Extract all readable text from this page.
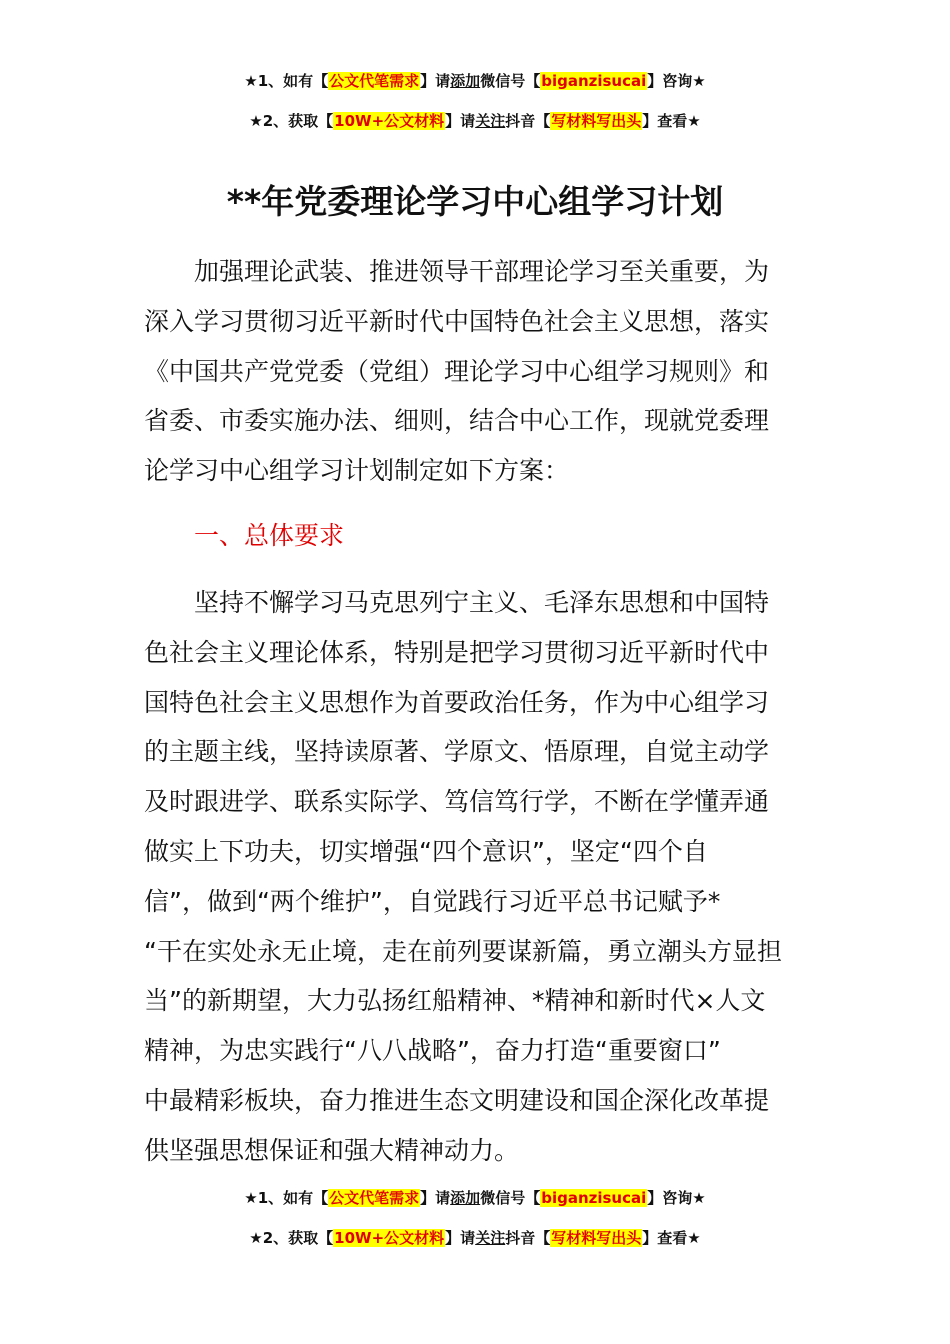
★1、如有【公文代笔需求】请添加微信号【biganzisucai】咨询★
★2、获取【10W+公文材料】请关注抖音【写材料写出头】查看★
**年党委理论学习中心组学习计划
加强理论武装、推进领导干部理论学习至关重要，为
深入学习贯彻习近平新时代中国特色社会主义思想，落实
《中国共产党党委（党组）理论学习中心组学习规则》和
省委、市委实施办法、细则，结合中心工作，现就党委理
论学习中心组学习计划制定如下方案：
一、总体要求
坚持不懈学习马克思列宁主义、毛泽东思想和中国特
色社会主义理论体系，特别是把学习贯彻习近平新时代中
国特色社会主义思想作为首要政治任务，作为中心组学习
的主题主线，坚持读原著、学原文、悟原理，自觉主动学
及时跟进学、联系实际学、笃信笃行学，不断在学懂弄通
做实上下功夫，切实增强“四个意识”，坚定“四个自
信”，做到“两个维护”，自觉践行习近平总书记赋予*
“干在实处永无止境，走在前列要谋新篇，勇立潮头方显担
当”的新期望，大力弘扬红船精神、*精神和新时代×人文
精神，为忠实践行“八八战略”，奋力打造“重要窗口”
中最精彩板块，奋力推进生态文明建设和国企深化改革提
供坚强思想保证和强大精神动力。
★1、如有【公文代笔需求】请添加微信号【biganzisucai】咨询★
★2、获取【10W+公文材料】请关注抖音【写材料写出头】查看★
